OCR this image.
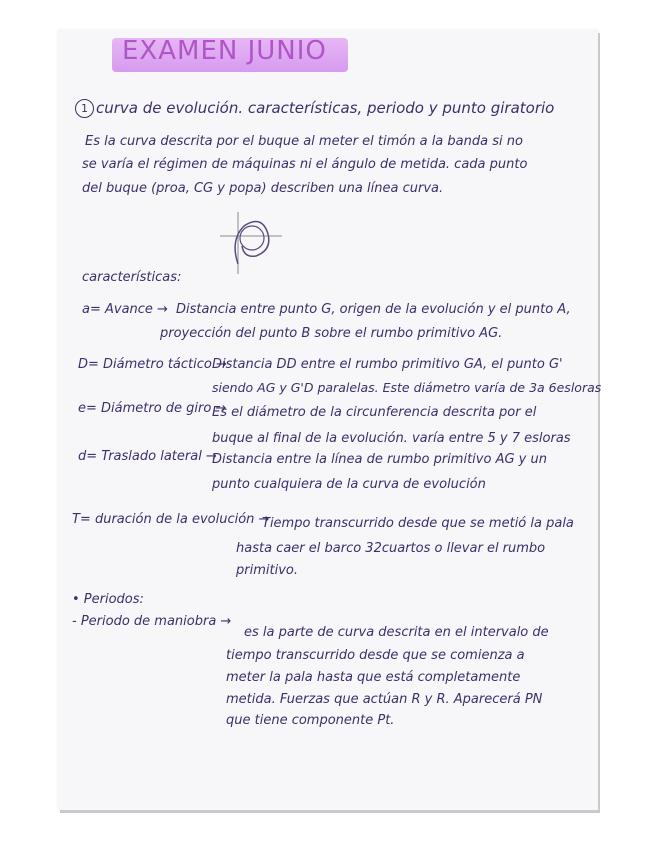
EXAMEN JUNIO
1 curva de evolución. características, periodo y punto giratorio
Es la curva descrita por el buque al meter el timón a la banda si no
se varía el régimen de máquinas ni el ángulo de metida. cada punto
del buque (proa, CG y popa) describen una línea curva.
características:
a= Avance → Distancia entre punto G, origen de la evolución y el punto A,
proyección del punto B sobre el rumbo primitivo AG.
D= Diámetro táctico →
Distancia DD entre el rumbo primitivo GA, el punto G'
siendo AG y G'D paralelas. Este diámetro varía de 3a 6esloras
e= Diámetro de giro →
Es el diámetro de la circunferencia descrita por el
buque al final de la evolución. varía entre 5 y 7 esloras
d= Traslado lateral →
Distancia entre la línea de rumbo primitivo AG y un
punto cualquiera de la curva de evolución
T= duración de la evolución →
Tiempo transcurrido desde que se metió la pala
hasta caer el barco 32cuartos o llevar el rumbo
primitivo.
• Periodos:
- Periodo de maniobra →
es la parte de curva descrita en el intervalo de
tiempo transcurrido desde que se comienza a
meter la pala hasta que está completamente
metida. Fuerzas que actúan R y R. Aparecerá PN
que tiene componente Pt.
